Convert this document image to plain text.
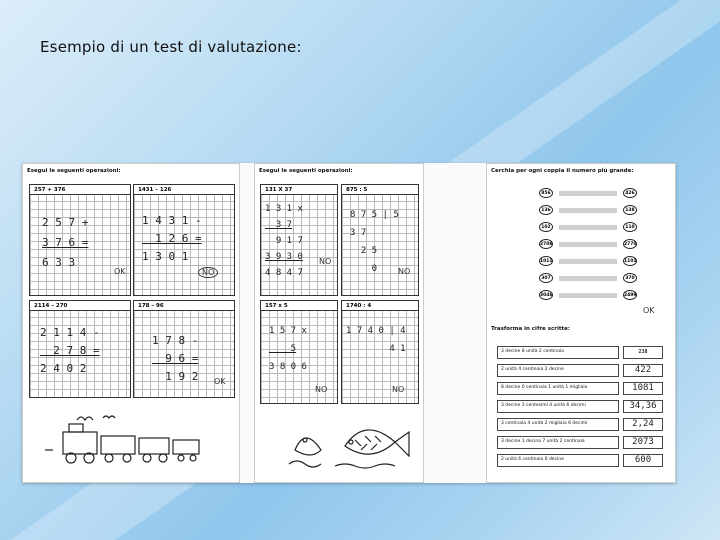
Esempio di un test di valutazione:
Esegui le seguenti operazioni:
257 + 376
2 5 7 +
3 7 6 =
6 3 3
OK
1431 – 126
1 4 3 1 -
1 2 6 =
1 3 0 1
NO
2114 – 270
2 1 1 4 -
2 7 8 =
2 4 0 2
178 – 96
1 7 8 -
9 6 =
1 9 2 OK
Esegui le seguenti operazioni:
131 X 37
1 3 1 x
3 7
9 1 7
3 9 3 0
4 8 4 7
NO
875 : 5
8 7 5 | 5
3 7
2 5
0	NO
157 x 5
1 5 7 x
5
3 8 0 6
NO
1740 : 4
1 7 4 0 | 4
4 1
NO
Cerchia per ogni coppia il numero più grande:
856	426
136	138
102	110
2708	2770
1011	1101
307	370
3046	2499
OK
Trasforma in cifre scritte:
3 decine 8 unità 2 centinaia	238
2 unità 4 centinaia 2 decine	422
8 decine 0 centinaia 1 unità 1 migliaio	1081
3 decine 3 centesimi 4 unità 6 decimi	34,36
3 centinaia 4 unità 2 migliaia 6 decimi	2,24
3 decine 1 decina 7 unità 2 centinaia	2073
2 unità 6 centinaia 0 decine	600
